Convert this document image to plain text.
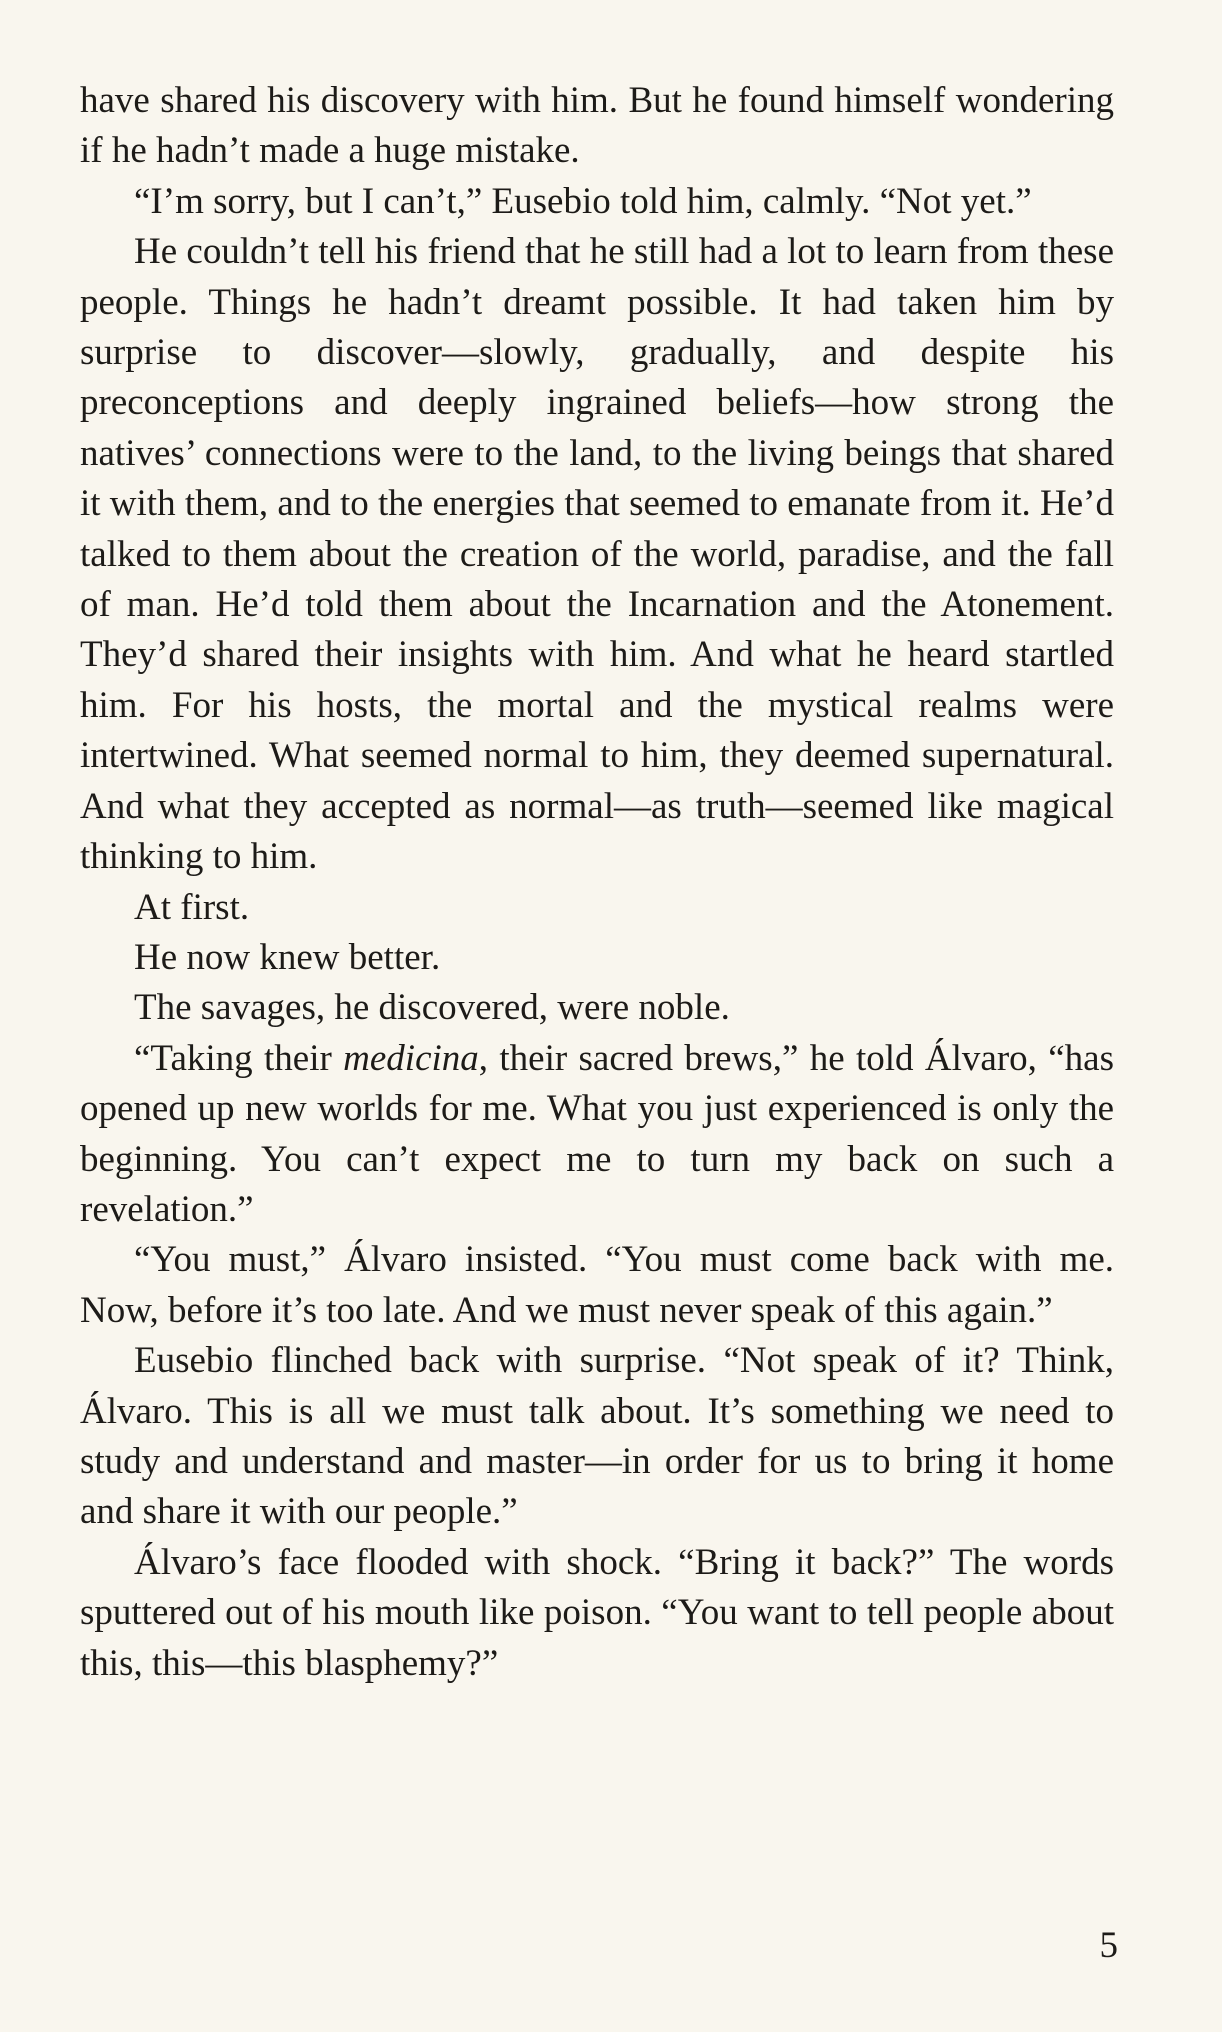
have shared his discovery with him. But he found himself wondering if he hadn’t made a huge mistake.

“I’m sorry, but I can’t,” Eusebio told him, calmly. “Not yet.”

He couldn’t tell his friend that he still had a lot to learn from these people. Things he hadn’t dreamt possible. It had taken him by surprise to discover—slowly, gradually, and despite his preconceptions and deeply ingrained beliefs—how strong the natives’ connections were to the land, to the living beings that shared it with them, and to the energies that seemed to emanate from it. He’d talked to them about the creation of the world, paradise, and the fall of man. He’d told them about the Incarnation and the Atonement. They’d shared their insights with him. And what he heard startled him. For his hosts, the mortal and the mystical realms were intertwined. What seemed normal to him, they deemed supernatural. And what they accepted as normal—as truth—seemed like magical thinking to him.

At first.

He now knew better.

The savages, he discovered, were noble.

“Taking their medicina, their sacred brews,” he told Álvaro, “has opened up new worlds for me. What you just experienced is only the beginning. You can’t expect me to turn my back on such a revelation.”

“You must,” Álvaro insisted. “You must come back with me. Now, before it’s too late. And we must never speak of this again.”

Eusebio flinched back with surprise. “Not speak of it? Think, Álvaro. This is all we must talk about. It’s something we need to study and understand and master—in order for us to bring it home and share it with our people.”

Álvaro’s face flooded with shock. “Bring it back?” The words sputtered out of his mouth like poison. “You want to tell people about this, this—this blasphemy?”

5
